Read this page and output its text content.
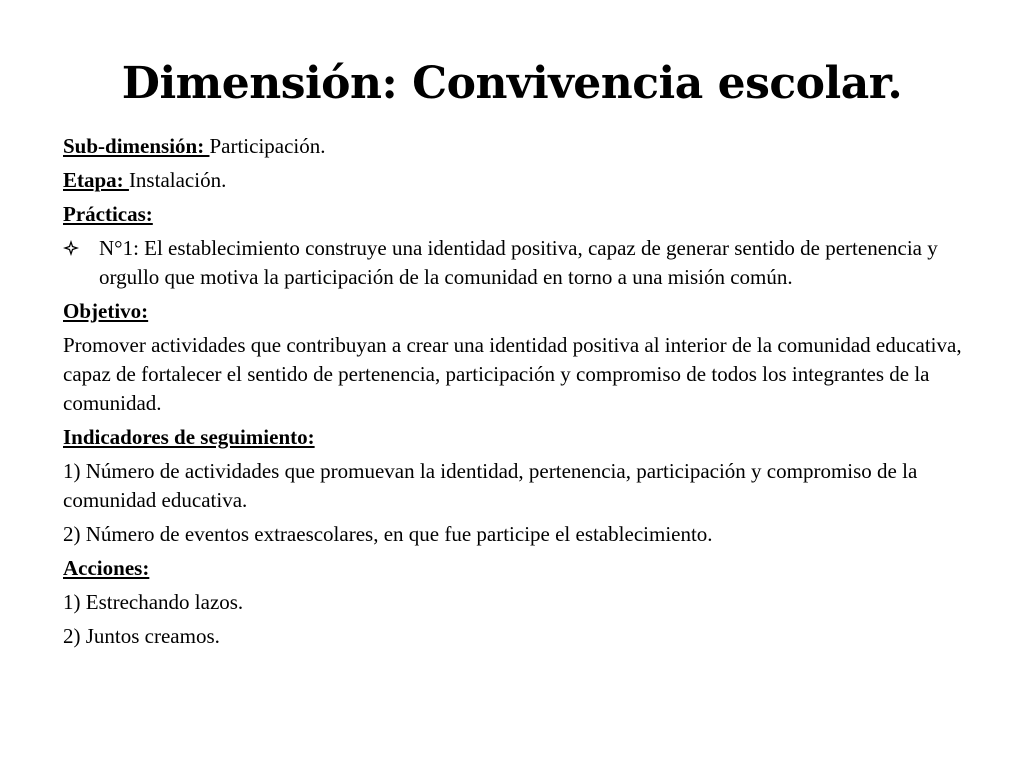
Dimensión: Convivencia escolar.

Sub-dimensión: Participación.

Etapa: Instalación.

Prácticas:

N°1: El establecimiento construye una identidad positiva, capaz de generar sentido de pertenencia y orgullo que motiva la participación de la comunidad en torno a una misión común.

Objetivo:

Promover actividades que contribuyan a crear una identidad positiva al interior de la comunidad educativa, capaz de fortalecer el sentido de pertenencia, participación y compromiso de todos los integrantes de la comunidad.

Indicadores de seguimiento:

1) Número de actividades que promuevan la identidad, pertenencia, participación y compromiso de la comunidad educativa.

2) Número de eventos extraescolares, en que fue participe el establecimiento.

Acciones:

1) Estrechando lazos.

2) Juntos creamos.
